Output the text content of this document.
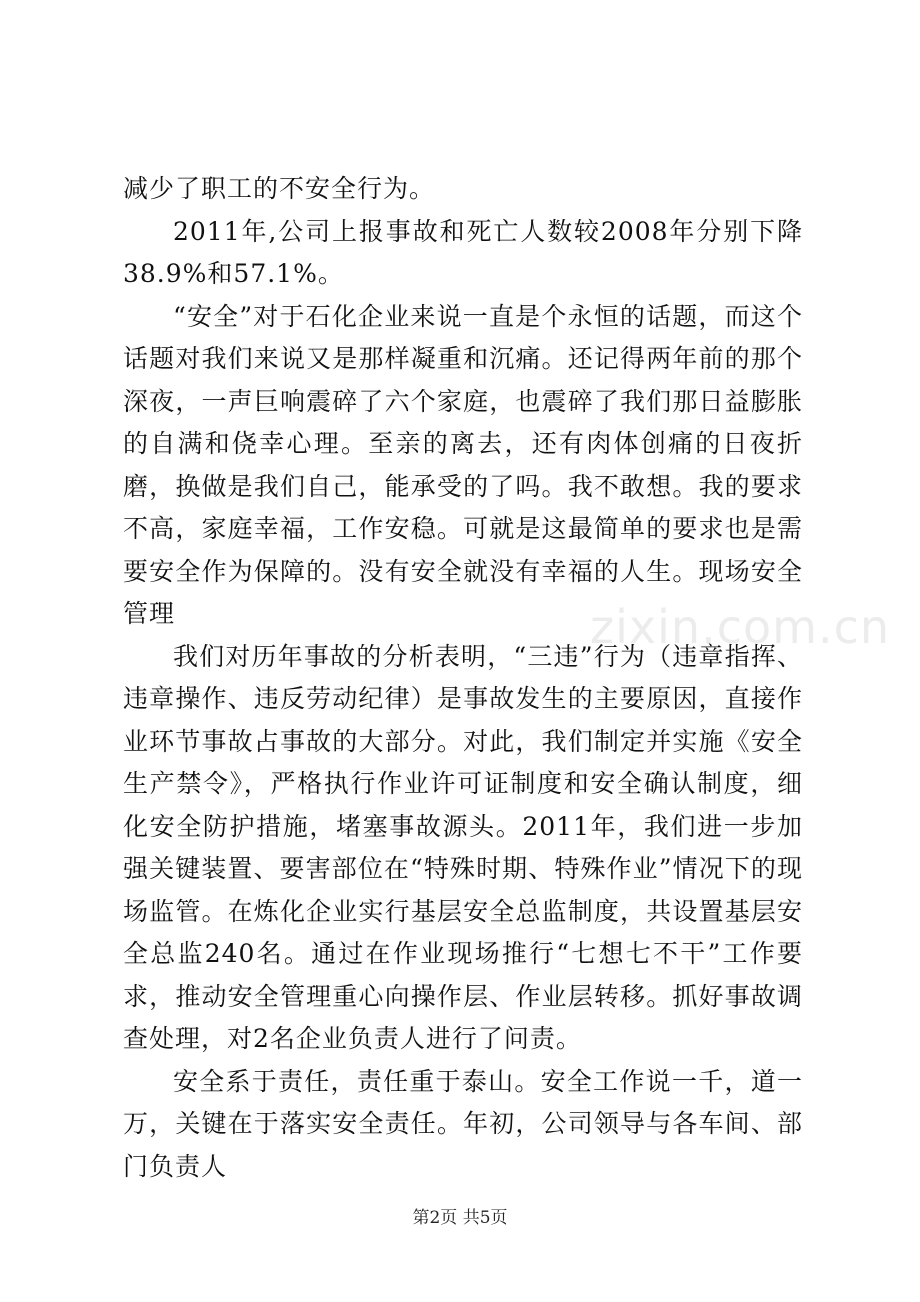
减少了职工的不安全行为。

2011年,公司上报事故和死亡人数较2008年分别下降38.9%和57.1%。

“安全”对于石化企业来说一直是个永恒的话题，而这个话题对我们来说又是那样凝重和沉痛。还记得两年前的那个深夜，一声巨响震碎了六个家庭，也震碎了我们那日益膨胀的自满和侥幸心理。至亲的离去，还有肉体创痛的日夜折磨，换做是我们自己，能承受的了吗。我不敢想。我的要求不高，家庭幸福，工作安稳。可就是这最简单的要求也是需要安全作为保障的。没有安全就没有幸福的人生。现场安全管理

我们对历年事故的分析表明，“三违”行为（违章指挥、违章操作、违反劳动纪律）是事故发生的主要原因，直接作业环节事故占事故的大部分。对此，我们制定并实施《安全生产禁令》，严格执行作业许可证制度和安全确认制度，细化安全防护措施，堵塞事故源头。2011年，我们进一步加强关键装置、要害部位在“特殊时期、特殊作业”情况下的现场监管。在炼化企业实行基层安全总监制度，共设置基层安全总监240名。通过在作业现场推行“七想七不干”工作要求，推动安全管理重心向操作层、作业层转移。抓好事故调查处理，对2名企业负责人进行了问责。

安全系于责任，责任重于泰山。安全工作说一千，道一万，关键在于落实安全责任。年初，公司领导与各车间、部门负责人

zixin.com.cn
第2页 共5页
